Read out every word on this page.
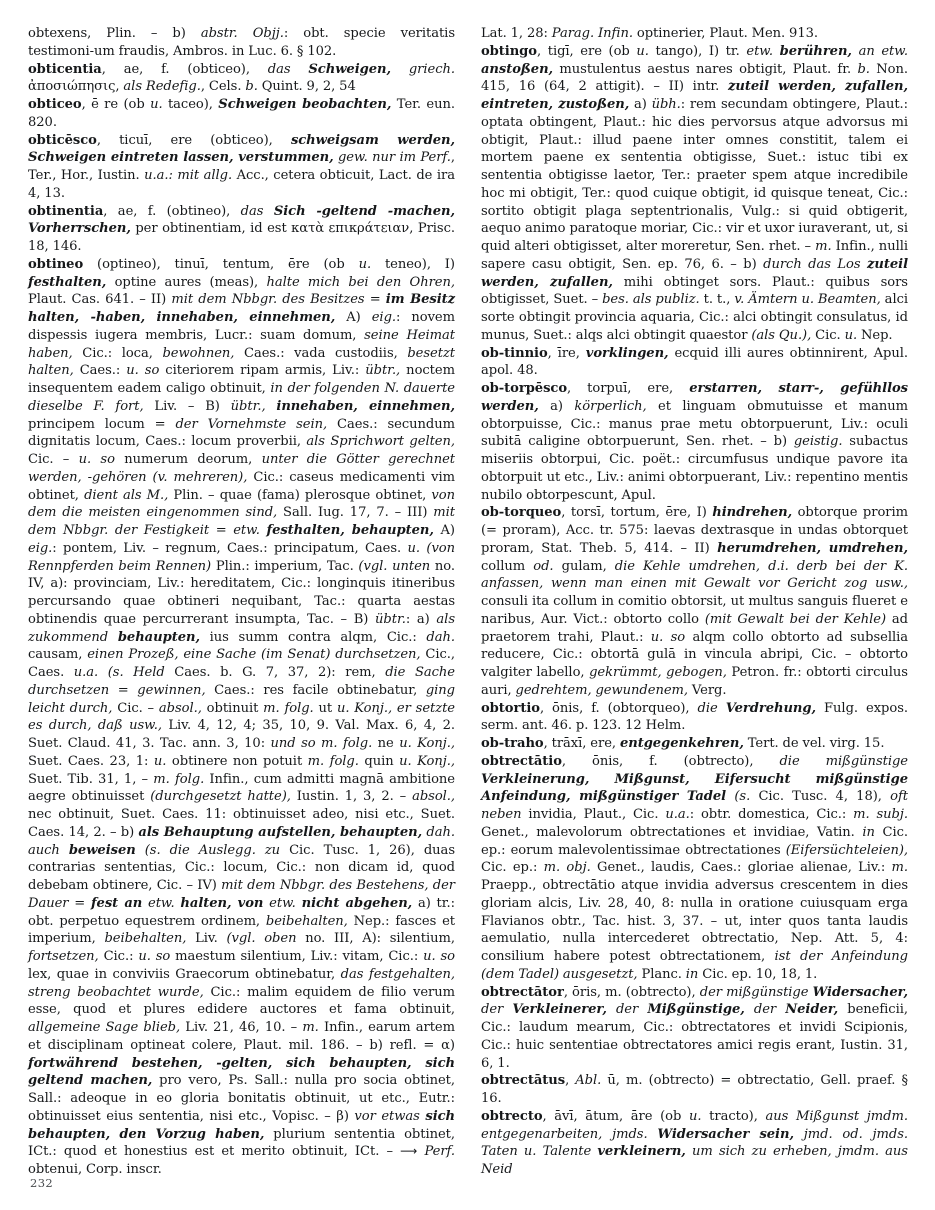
obtexens, Plin. – b) abstr. Objj.: obt. specie veritatis testimoni‑um fraudis, Ambros. in Luc. 6. § 102.

obticentia, ae, f. (obticeo), das Schweigen, griech. ἀποσιώπησις, als Redefig., Cels. b. Quint. 9, 2, 54

obticeo, ē re (ob u. taceo), Schweigen beobachten, Ter. eun. 820.

obticēsco, ticuī, ere (obticeo), schweigsam werden, Schweigen eintreten lassen, verstummen, gew. nur im Perf., Ter., Hor., Iustin. u.a.: mit allg. Acc., cetera obticuit, Lact. de ira 4, 13.

obtinentia, ae, f. (obtineo), das Sich -geltend -machen, Vorherrschen, per obtinentiam, id est κατὰ επικράτειαν, Prisc. 18, 146.

obtineo (optineo), tinuī, tentum, ēre (ob u. teneo), I) festhalten, optine aures (meas), halte mich bei den Ohren, Plaut. Cas. 641. – II) mit dem Nbbgr. des Besitzes = im Besitz halten, -haben, innehaben, einnehmen, A) eig.: novem dispessis iugera membris, Lucr.: suam domum, seine Heimat haben, Cic.: loca, bewohnen, Caes.: vada custodiis, besetzt halten, Caes.: u. so citeriorem ripam armis, Liv.: übtr., noctem insequentem eadem caligo obtinuit, in der folgenden N. dauerte dieselbe F. fort, Liv. – B) übtr., innehaben, einnehmen, principem locum = der Vornehmste sein, Caes.: secundum dignitatis locum, Caes.: locum proverbii, als Sprichwort gelten, Cic. – u. so numerum deorum, unter die Götter gerechnet werden, -gehören (v. mehreren), Cic.: caseus medicamenti vim obtinet, dient als M., Plin. – quae (fama) plerosque obtinet, von dem die meisten eingenommen sind, Sall. Iug. 17, 7. – III) mit dem Nbbgr. der Festigkeit = etw. festhalten, behaupten, A) eig.: pontem, Liv. – regnum, Caes.: principatum, Caes. u. (von Rennpferden beim Rennen) Plin.: imperium, Tac. (vgl. unten no. IV, a): provinciam, Liv.: hereditatem, Cic.: longinquis itineribus percursando quae obtineri nequibant, Tac.: quarta aestas obtinendis quae percurrerant insumpta, Tac. – B) übtr.: a) als zukommend behaupten, ius summ contra alqm, Cic.: dah. causam, einen Prozeß, eine Sache (im Senat) durchsetzen, Cic., Caes. u.a. (s. Held Caes. b. G. 7, 37, 2): rem, die Sache durchsetzen = gewinnen, Caes.: res facile obtinebatur, ging leicht durch, Cic. – absol., obtinuit m. folg. ut u. Konj., er setzte es durch, daß usw., Liv. 4, 12, 4; 35, 10, 9. Val. Max. 6, 4, 2. Suet. Claud. 41, 3. Tac. ann. 3, 10: und so m. folg. ne u. Konj., Suet. Caes. 23, 1: u. obtinere non potuit m. folg. quin u. Konj., Suet. Tib. 31, 1, – m. folg. Infin., cum admitti magnā ambitione aegre obtinuisset (durchgesetzt hatte), Iustin. 1, 3, 2. – absol., nec obtinuit, Suet. Caes. 11: obtinuisset adeo, nisi etc., Suet. Caes. 14, 2. – b) als Behauptung aufstellen, behaupten, dah. auch beweisen (s. die Auslegg. zu Cic. Tusc. 1, 26), duas contrarias sententias, Cic.: locum, Cic.: non dicam id, quod debebam obtinere, Cic. – IV) mit dem Nbbgr. des Bestehens, der Dauer = fest an etw. halten, von etw. nicht abgehen, a) tr.: obt. perpetuo equestrem ordinem, beibehalten, Nep.: fasces et imperium, beibehalten, Liv. (vgl. oben no. III, A): silentium, fortsetzen, Cic.: u. so maestum silentium, Liv.: vitam, Cic.: u. so lex, quae in conviviis Graecorum obtinebatur, das festgehalten, streng beobachtet wurde, Cic.: malim equidem de filio verum esse, quod et plures edidere auctores et fama obtinuit, allgemeine Sage blieb, Liv. 21, 46, 10. – m. Infin., earum artem et disciplinam optineat colere, Plaut. mil. 186. – b) refl. = α) fortwährend bestehen, -gelten, sich behaupten, sich geltend machen, pro vero, Ps. Sall.: nulla pro socia obtinet, Sall.: adeoque in eo gloria bonitatis obtinuit, ut etc., Eutr.: obtinuisset eius sententia, nisi etc., Vopisc. – β) vor etwas sich behaupten, den Vorzug haben, plurium sententia obtinet, ICt.: quod et honestius est et merito obtinuit, ICt. – ⟶ Perf. obtenui, Corp. inscr.

Lat. 1, 28: Parag. Infin. optinerier, Plaut. Men. 913.

obtingo, tigī, ere (ob u. tango), I) tr. etw. berühren, an etw. anstoßen, mustulentus aestus nares obtigit, Plaut. fr. b. Non. 415, 16 (64, 2 attigit). – II) intr. zuteil werden, zufallen, eintreten, zustoßen, a) übh.: rem secundam obtingere, Plaut.: optata obtingent, Plaut.: hic dies pervorsus atque advorsus mi obtigit, Plaut.: illud paene inter omnes constitit, talem ei mortem paene ex sententia obtigisse, Suet.: istuc tibi ex sententia obtigisse laetor, Ter.: praeter spem atque incredibile hoc mi obtigit, Ter.: quod cuique obtigit, id quisque teneat, Cic.: sortito obtigit plaga septentrionalis, Vulg.: si quid obtigerit, aequo animo paratoque moriar, Cic.: vir et uxor iuraverant, ut, si quid alteri obtigisset, alter moreretur, Sen. rhet. – m. Infin., nulli sapere casu obtigit, Sen. ep. 76, 6. – b) durch das Los zuteil werden, zufallen, mihi obtinget sors. Plaut.: quibus sors obtigisset, Suet. – bes. als publiz. t. t., v. Ämtern u. Beamten, alci sorte obtingit provincia aquaria, Cic.: alci obtingit consulatus, id munus, Suet.: alqs alci obtingit quaestor (als Qu.), Cic. u. Nep.

ob-tinnio, īre, vorklingen, ecquid illi aures obtinnirent, Apul. apol. 48.

ob-torpēsco, torpuī, ere, erstarren, starr-, gefühllos werden, a) körperlich, et linguam obmutuisse et manum obtorpuisse, Cic.: manus prae metu obtorpuerunt, Liv.: oculi subitā caligine obtorpuerunt, Sen. rhet. – b) geistig. subactus miseriis obtorpui, Cic. poët.: circumfusus undique pavore ita obtorpuit ut etc., Liv.: animi obtorpuerant, Liv.: repentino mentis nubilo obtorpescunt, Apul.

ob-torqueo, torsī, tortum, ēre, I) hindrehen, obtorque prorim (= proram), Acc. tr. 575: laevas dextrasque in undas obtorquet proram, Stat. Theb. 5, 414. – II) herumdrehen, umdrehen, collum od. gulam, die Kehle umdrehen, d.i. derb bei der K. anfassen, wenn man einen mit Gewalt vor Gericht zog usw., consuli ita collum in comitio obtorsit, ut multus sanguis flueret e naribus, Aur. Vict.: obtorto collo (mit Gewalt bei der Kehle) ad praetorem trahi, Plaut.: u. so alqm collo obtorto ad subsellia reducere, Cic.: obtortā gulā in vincula abripi, Cic. – obtorto valgiter labello, gekrümmt, gebogen, Petron. fr.: obtorti circulus auri, gedrehtem, gewundenem, Verg.

obtortio, ōnis, f. (obtorqueo), die Verdrehung, Fulg. expos. serm. ant. 46. p. 123. 12 Helm.

ob-traho, trāxī, ere, entgegenkehren, Tert. de vel. virg. 15.

obtrectātio, ōnis, f. (obtrecto), die mißgünstige Verkleinerung, Mißgunst, Eifersucht mißgünstige Anfeindung, mißgünstiger Tadel (s. Cic. Tusc. 4, 18), oft neben invidia, Plaut., Cic. u.a.: obtr. domestica, Cic.: m. subj. Genet., malevolorum obtrectationes et invidiae, Vatin. in Cic. ep.: eorum malevolentissimae obtrectationes (Eifersüchteleien), Cic. ep.: m. obj. Genet., laudis, Caes.: gloriae alienae, Liv.: m. Praepp., obtrectātio atque invidia adversus crescentem in dies gloriam alcis, Liv. 28, 40, 8: nulla in oratione cuiusquam erga Flavianos obtr., Tac. hist. 3, 37. – ut, inter quos tanta laudis aemulatio, nulla intercederet obtrectatio, Nep. Att. 5, 4: consilium habere potest obtrectationem, ist der Anfeindung (dem Tadel) ausgesetzt, Planc. in Cic. ep. 10, 18, 1.

obtrectātor, ōris, m. (obtrecto), der mißgünstige Widersacher, der Verkleinerer, der Mißgünstige, der Neider, beneficii, Cic.: laudum mearum, Cic.: obtrectatores et invidi Scipionis, Cic.: huic sententiae obtrectatores amici regis erant, Iustin. 31, 6, 1.

obtrectātus, Abl. ū, m. (obtrecto) = obtrectatio, Gell. praef. § 16.

obtrecto, āvī, ātum, āre (ob u. tracto), aus Mißgunst jmdm. entgegenarbeiten, jmds. Widersacher sein, jmd. od. jmds. Taten u. Talente verkleinern, um sich zu erheben, jmdm. aus Neid

232
